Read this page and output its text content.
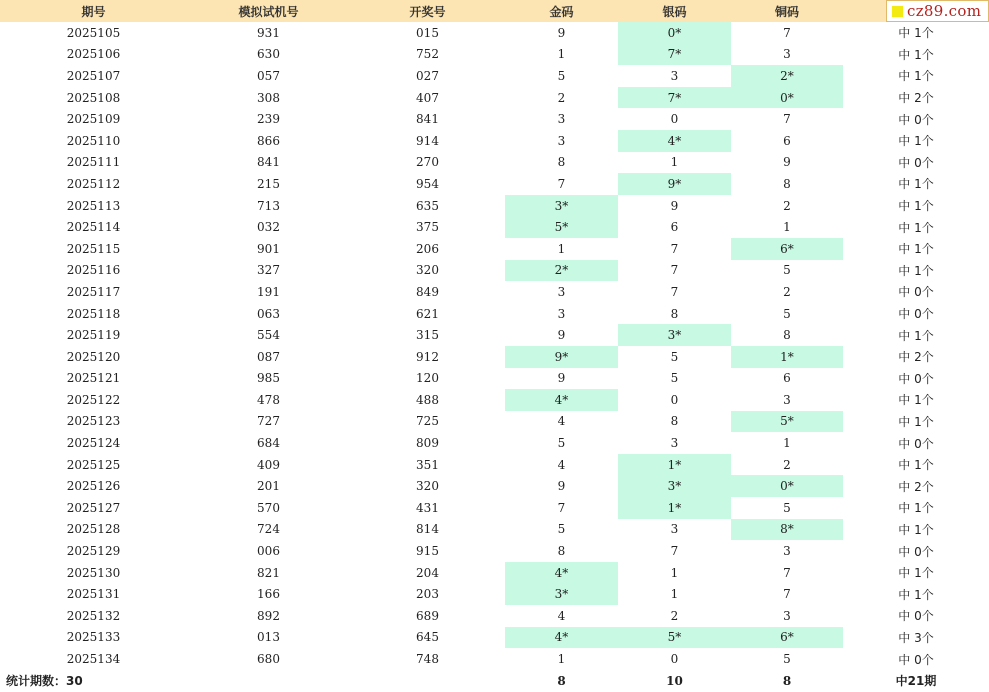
期号	模拟试机号	开奖号	金码	银码	铜码	
2025105	931	015	9	0*	7	中 1个
2025106	630	752	1	7*	3	中 1个
2025107	057	027	5	3	2*	中 1个
2025108	308	407	2	7*	0*	中 2个
2025109	239	841	3	0	7	中 0个
2025110	866	914	3	4*	6	中 1个
2025111	841	270	8	1	9	中 0个
2025112	215	954	7	9*	8	中 1个
2025113	713	635	3*	9	2	中 1个
2025114	032	375	5*	6	1	中 1个
2025115	901	206	1	7	6*	中 1个
2025116	327	320	2*	7	5	中 1个
2025117	191	849	3	7	2	中 0个
2025118	063	621	3	8	5	中 0个
2025119	554	315	9	3*	8	中 1个
2025120	087	912	9*	5	1*	中 2个
2025121	985	120	9	5	6	中 0个
2025122	478	488	4*	0	3	中 1个
2025123	727	725	4	8	5*	中 1个
2025124	684	809	5	3	1	中 0个
2025125	409	351	4	1*	2	中 1个
2025126	201	320	9	3*	0*	中 2个
2025127	570	431	7	1*	5	中 1个
2025128	724	814	5	3	8*	中 1个
2025129	006	915	8	7	3	中 0个
2025130	821	204	4*	1	7	中 1个
2025131	166	203	3*	1	7	中 1个
2025132	892	689	4	2	3	中 0个
2025133	013	645	4*	5*	6*	中 3个
2025134	680	748	1	0	5	中 0个
统计期数：30			8	10	8	中21期
cz89.com
